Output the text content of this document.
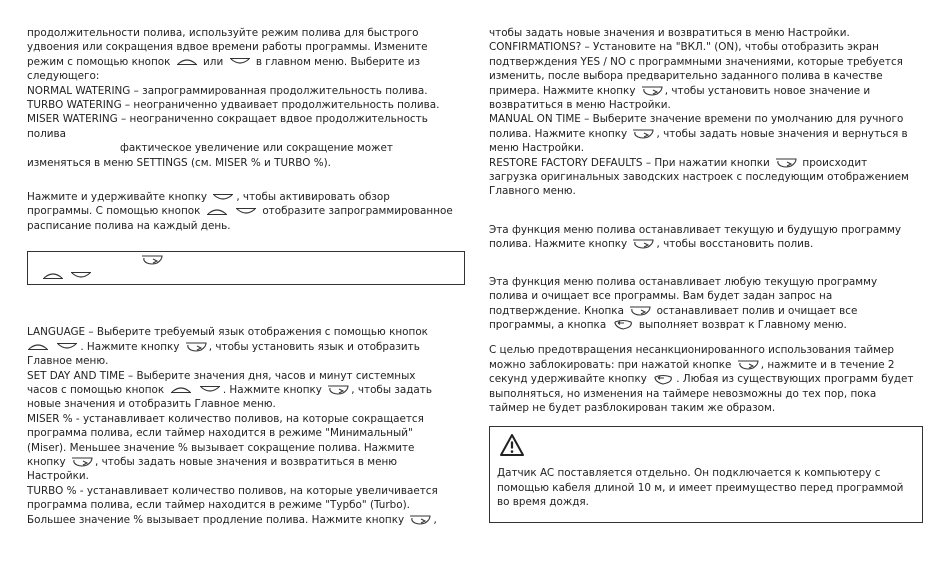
продолжительности полива, используйте режим полива для быстрого

удвоения или сокращения вдвое времени работы программы. Измените

режим с помощью кнопок	или	в главном меню. Выберите из

следующего:

NORMAL WATERING – запрограммированная продолжительность полива.

TURBO WATERING – неограниченно удваивает продолжительность полива.

MISER WATERING – неограниченно сокращает вдвое продолжительность

полива

фактическое увеличение или сокращение может

изменяться в меню SETTINGS (см. MISER % и TURBO %).

Нажмите и удерживайте кнопку	, чтобы активировать обзор

программы. С помощью кнопок	отобразите запрограммированное

расписание полива на каждый день.

LANGUAGE – Выберите требуемый язык отображения с помощью кнопок

. Нажмите кнопку	, чтобы установить язык и отобразить

Главное меню.

SET DAY AND TIME – Выберите значения дня, часов и минут системных

часов с помощью кнопок	. Нажмите кнопку	, чтобы задать

новые значения и отобразить Главное меню.

MISER % - устанавливает количество поливов, на которые сокращается

программа полива, если таймер находится в режиме "Минимальный"

(Miser). Меньшее значение % вызывает сокращение полива. Нажмите

кнопку	, чтобы задать новые значения и возвратиться в меню

Настройки.

TURBO % - устанавливает количество поливов, на которые увеличивается

программа полива, если таймер находится в режиме "Турбо" (Turbo).

Большее значение % вызывает продление полива. Нажмите кнопку	,

чтобы задать новые значения и возвратиться в меню Настройки.

CONFIRMATIONS? – Установите на "ВКЛ." (ON), чтобы отобразить экран

подтверждения YES / NO с программными значениями, которые требуется

изменить, после выбора предварительно заданного полива в качестве

примера. Нажмите кнопку	, чтобы установить новое значение и

возвратиться в меню Настройки.

MANUAL ON TIME – Выберите значение времени по умолчанию для ручного

полива. Нажмите кнопку	, чтобы задать новые значения и вернуться в

меню Настройки.

RESTORE FACTORY DEFAULTS – При нажатии кнопки	происходит

загрузка оригинальных заводских настроек с последующим отображением

Главного меню.

Эта функция меню полива останавливает текущую и будущую программу

полива. Нажмите кнопку	, чтобы восстановить полив.

Эта функция меню полива останавливает любую текущую программу

полива и очищает все программы. Вам будет задан запрос на

подтверждение. Кнопка	останавливает полив и очищает все

программы, а кнопка	выполняет возврат к Главному меню.

С целью предотвращения несанкционированного использования таймер

можно заблокировать: при нажатой кнопке	, нажмите и в течение 2

секунд удерживайте кнопку	. Любая из существующих программ будет

выполняться, но изменения на таймере невозможны до тех пор, пока

таймер не будет разблокирован таким же образом.

Датчик AC поставляется отдельно. Он подключается к компьютеру с

помощью кабеля длиной 10 м, и имеет преимущество перед программой

во время дождя.
